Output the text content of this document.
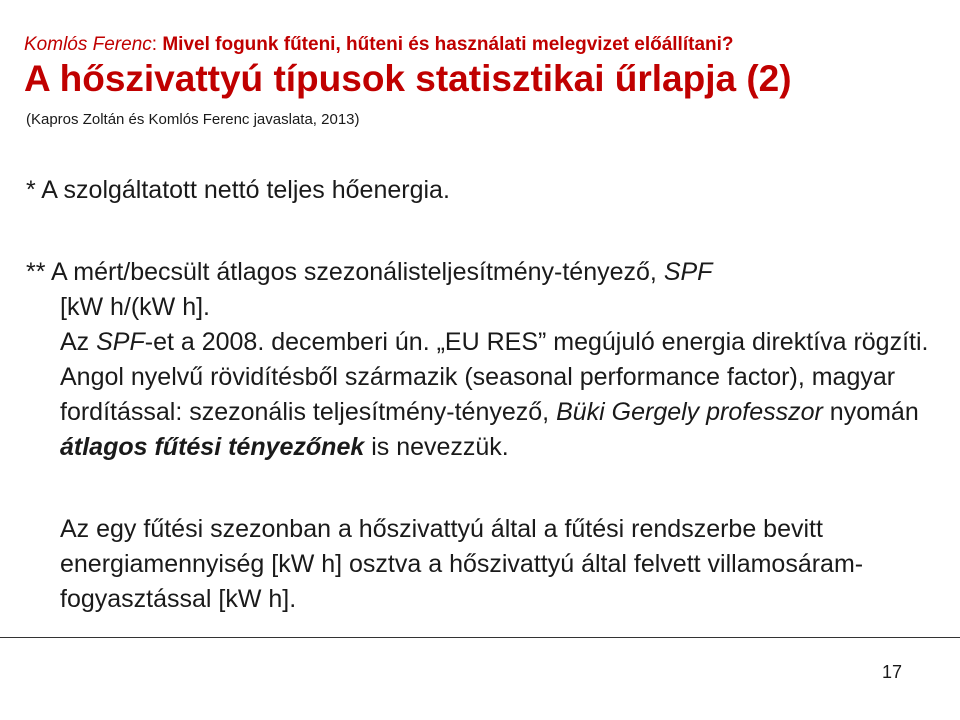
Komlós Ferenc: Mivel fogunk fűteni, hűteni és használati melegvizet előállítani?
A hőszivattyú típusok statisztikai űrlapja (2)
(Kapros Zoltán és Komlós Ferenc javaslata, 2013)
* A szolgáltatott nettó teljes hőenergia.
** A mért/becsült átlagos szezonálisteljesítmény-tényező, SPF

[kW h/(kW h].
Az SPF-et a 2008. decemberi ún. „EU RES” megújuló energia direktíva rögzíti. Angol nyelvű rövidítésből származik (seasonal performance factor), magyar fordítással: szezonális teljesítmény-tényező, Büki Gergely professzor nyomán átlagos fűtési tényezőnek is nevezzük.
Az egy fűtési szezonban a hőszivattyú által a fűtési rendszerbe bevitt energiamennyiség [kW h] osztva a hőszivattyú által felvett villamosáram-fogyasztással [kW h].
17
